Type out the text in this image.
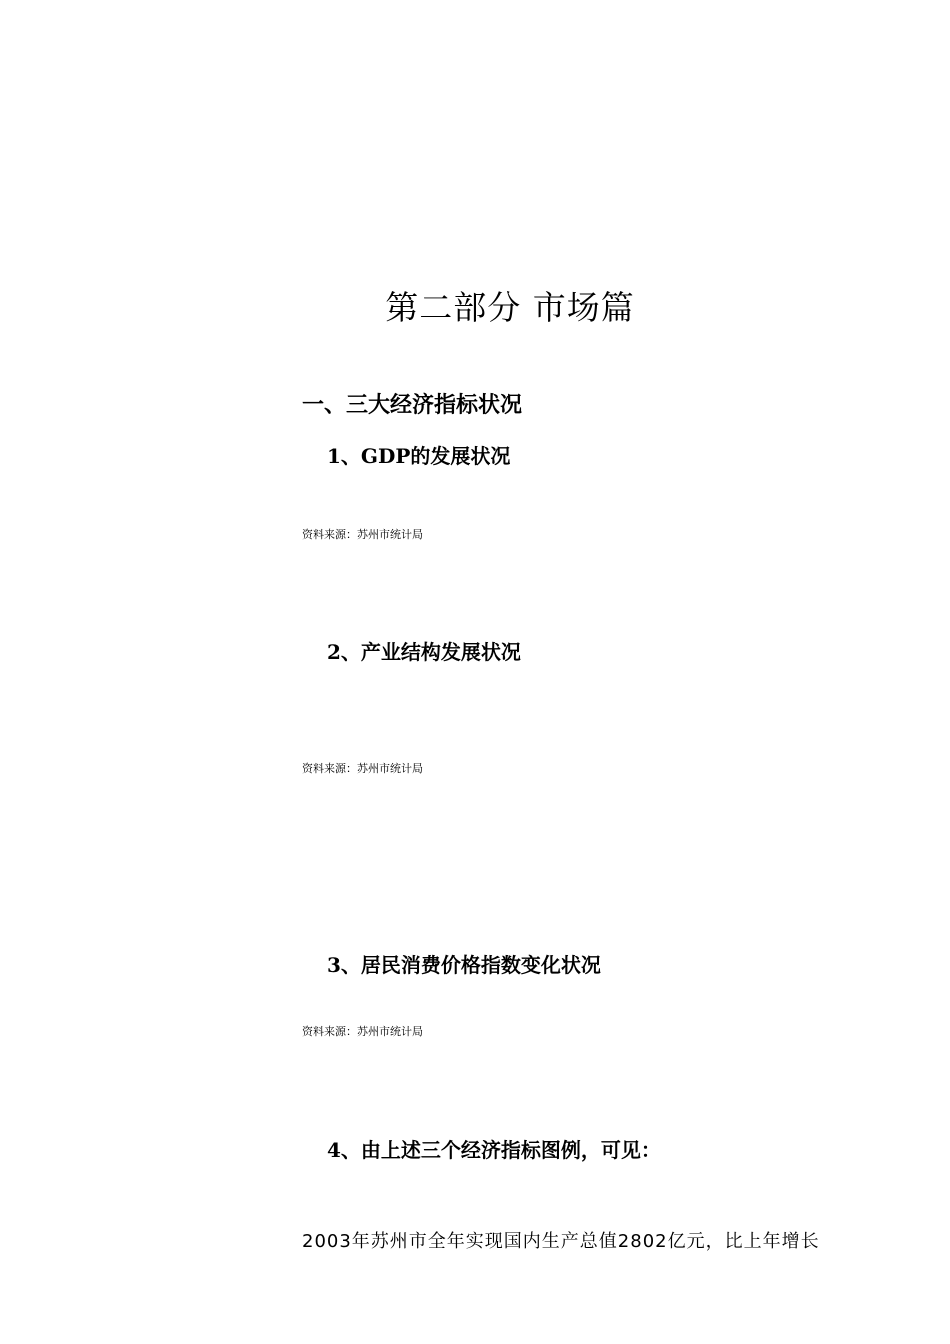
第二部分 市场篇
一、三大经济指标状况
1、GDP的发展状况
资料来源：苏州市统计局
2、产业结构发展状况
资料来源：苏州市统计局
3、居民消费价格指数变化状况
资料来源：苏州市统计局
4、由上述三个经济指标图例，可见：
2003年苏州市全年实现国内生产总值2802亿元，比上年增长
